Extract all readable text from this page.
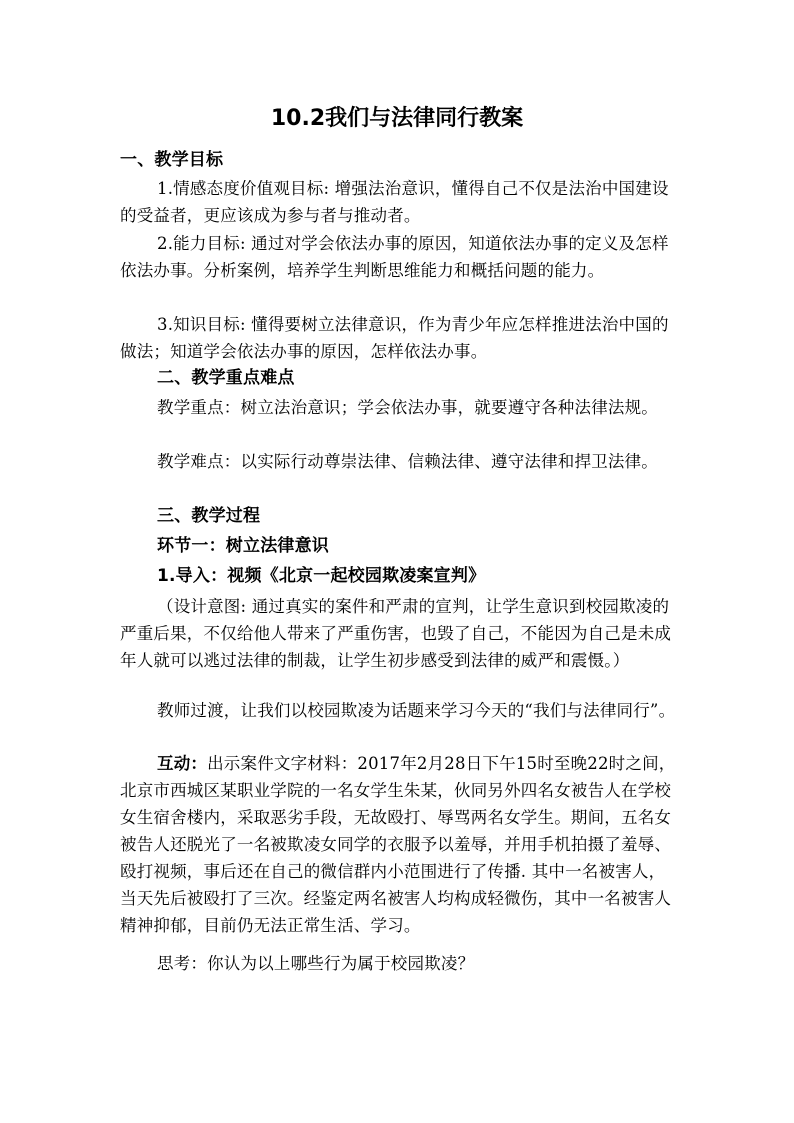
10.2我们与法律同行教案
一、教学目标
1.情感态度价值观目标: 增强法治意识，懂得自己不仅是法治中国建设的受益者，更应该成为参与者与推动者。
2.能力目标: 通过对学会依法办事的原因，知道依法办事的定义及怎样依法办事。分析案例，培养学生判断思维能力和概括问题的能力。
3.知识目标: 懂得要树立法律意识，作为青少年应怎样推进法治中国的做法；知道学会依法办事的原因，怎样依法办事。
二、教学重点难点
教学重点：树立法治意识；学会依法办事，就要遵守各种法律法规。
教学难点：以实际行动尊崇法律、信赖法律、遵守法律和捍卫法律。
三、教学过程
环节一：树立法律意识
1.导入：视频《北京一起校园欺凌案宣判》
（设计意图: 通过真实的案件和严肃的宣判，让学生意识到校园欺凌的严重后果，不仅给他人带来了严重伤害，也毁了自己，不能因为自己是未成年人就可以逃过法律的制裁，让学生初步感受到法律的威严和震慑。）
教师过渡，让我们以校园欺凌为话题来学习今天的“我们与法律同行”。
互动：出示案件文字材料：2017年2月28日下午15时至晚22时之间，北京市西城区某职业学院的一名女学生朱某，伙同另外四名女被告人在学校女生宿舍楼内，采取恶劣手段，无故殴打、辱骂两名女学生。期间，五名女被告人还脱光了一名被欺凌女同学的衣服予以羞辱，并用手机拍摄了羞辱、殴打视频，事后还在自己的微信群内小范围进行了传播. 其中一名被害人，当天先后被殴打了三次。经鉴定两名被害人均构成轻微伤，其中一名被害人精神抑郁，目前仍无法正常生活、学习。
思考：你认为以上哪些行为属于校园欺凌？
